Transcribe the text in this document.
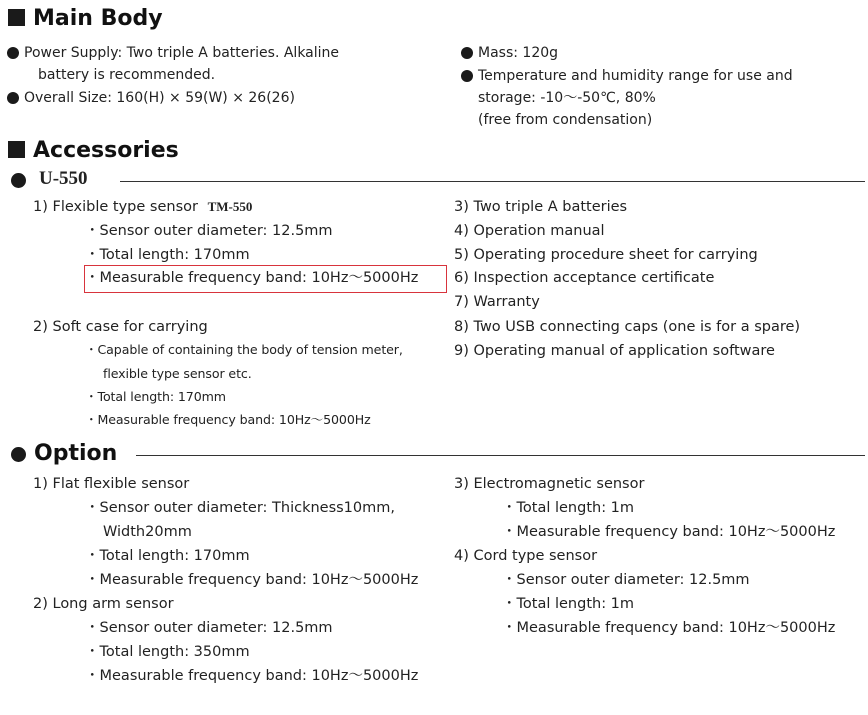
Main Body
Power Supply: Two triple A batteries. Alkaline
battery is recommended.
Overall Size: 160(H) × 59(W) × 26(26)
Mass: 120g
Temperature and humidity range for use and
storage: -10～-50℃, 80%
(free from condensation)
Accessories
U-550
1) Flexible type sensor TM-550
・Sensor outer diameter: 12.5mm
・Total length: 170mm
・Measurable frequency band: 10Hz～5000Hz
2) Soft case for carrying
・Capable of containing the body of tension meter,
flexible type sensor etc.
・Total length: 170mm
・Measurable frequency band: 10Hz～5000Hz
3) Two triple A batteries
4) Operation manual
5) Operating procedure sheet for carrying
6) Inspection acceptance certificate
7) Warranty
8) Two USB connecting caps (one is for a spare)
9) Operating manual of application software
Option
1) Flat flexible sensor
・Sensor outer diameter: Thickness10mm,
Width20mm
・Total length: 170mm
・Measurable frequency band: 10Hz～5000Hz
2) Long arm sensor
・Sensor outer diameter: 12.5mm
・Total length: 350mm
・Measurable frequency band: 10Hz～5000Hz
3) Electromagnetic sensor
・Total length: 1m
・Measurable frequency band: 10Hz～5000Hz
4) Cord type sensor
・Sensor outer diameter: 12.5mm
・Total length: 1m
・Measurable frequency band: 10Hz～5000Hz
